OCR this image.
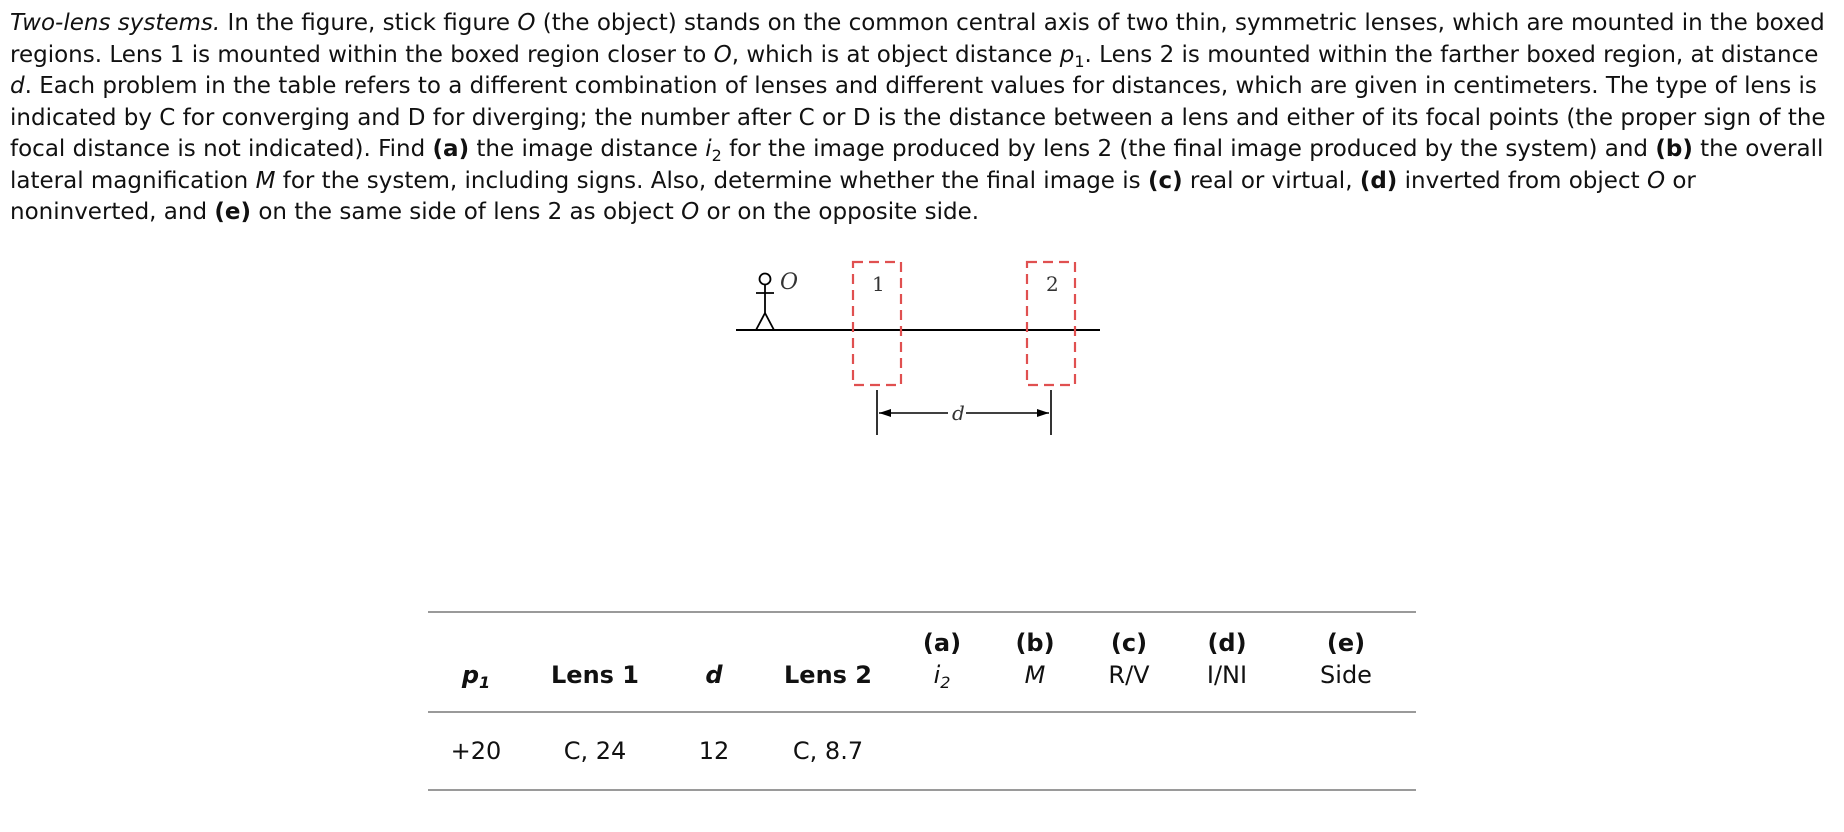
Two-lens systems. In the figure, stick figure O (the object) stands on the common central axis of two thin, symmetric lenses, which are mounted in the boxed regions. Lens 1 is mounted within the boxed region closer to O, which is at object distance $p_1$. Lens 2 is mounted within the farther boxed region, at distance d. Each problem in the table refers to a different combination of lenses and different values for distances, which are given in centimeters. The type of lens is indicated by C for converging and D for diverging; the number after C or D is the distance between a lens and either of its focal points (the proper sign of the focal distance is not indicated). Find (a) the image distance $i_2$ for the image produced by lens 2 (the final image produced by the system) and (b) the overall lateral magnification M for the system, including signs. Also, determine whether the final image is (c) real or virtual, (d) inverted from object O or noninverted, and (e) on the same side of lens 2 as object O or on the opposite side.

O	1	2
d
				(a)	(b)	(c)	(d)	(e)
$p_1$	Lens 1	d	Lens 2	$i_2$	M	R/V	I/NI	Side
+20	C, 24	12	C, 8.7					
